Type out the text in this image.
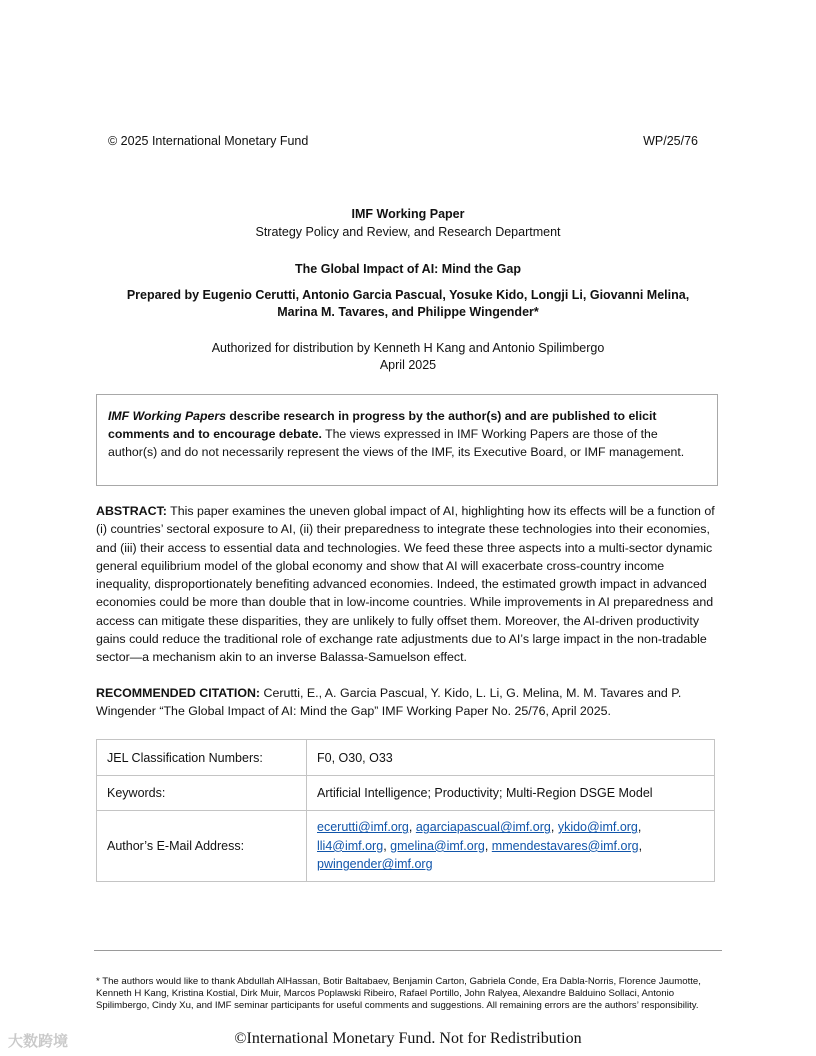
© 2025 International Monetary Fund	WP/25/76
IMF Working Paper
Strategy Policy and Review, and Research Department
The Global Impact of AI: Mind the Gap
Prepared by Eugenio Cerutti, Antonio Garcia Pascual, Yosuke Kido, Longji Li, Giovanni Melina,
Marina M. Tavares, and Philippe Wingender*
Authorized for distribution by Kenneth H Kang and Antonio Spilimbergo
April 2025
IMF Working Papers describe research in progress by the author(s) and are published to elicit comments and to encourage debate. The views expressed in IMF Working Papers are those of the author(s) and do not necessarily represent the views of the IMF, its Executive Board, or IMF management.
ABSTRACT: This paper examines the uneven global impact of AI, highlighting how its effects will be a function of (i) countries’ sectoral exposure to AI, (ii) their preparedness to integrate these technologies into their economies, and (iii) their access to essential data and technologies. We feed these three aspects into a multi-sector dynamic general equilibrium model of the global economy and show that AI will exacerbate cross-country income inequality, disproportionately benefiting advanced economies. Indeed, the estimated growth impact in advanced economies could be more than double that in low-income countries. While improvements in AI preparedness and access can mitigate these disparities, they are unlikely to fully offset them. Moreover, the AI-driven productivity gains could reduce the traditional role of exchange rate adjustments due to AI’s large impact in the non-tradable sector—a mechanism akin to an inverse Balassa-Samuelson effect.
RECOMMENDED CITATION: Cerutti, E., A. Garcia Pascual, Y. Kido, L. Li, G. Melina, M. M. Tavares and P. Wingender “The Global Impact of AI: Mind the Gap” IMF Working Paper No. 25/76, April 2025.
JEL Classification Numbers:	F0, O30, O33
Keywords:	Artificial Intelligence; Productivity; Multi-Region DSGE Model
Author’s E-Mail Address:	ecerutti@imf.org, agarciapascual@imf.org, ykido@imf.org,
lli4@imf.org, gmelina@imf.org, mmendestavares@imf.org,
pwingender@imf.org
* The authors would like to thank Abdullah AlHassan, Botir Baltabaev, Benjamin Carton, Gabriela Conde, Era Dabla-Norris, Florence Jaumotte, Kenneth H Kang, Kristina Kostial, Dirk Muir, Marcos Poplawski Ribeiro, Rafael Portillo, John Ralyea, Alexandre Balduino Sollaci, Antonio Spilimbergo, Cindy Xu, and IMF seminar participants for useful comments and suggestions. All remaining errors are the authors’ responsibility.
大数跨境	©International Monetary Fund. Not for Redistribution
